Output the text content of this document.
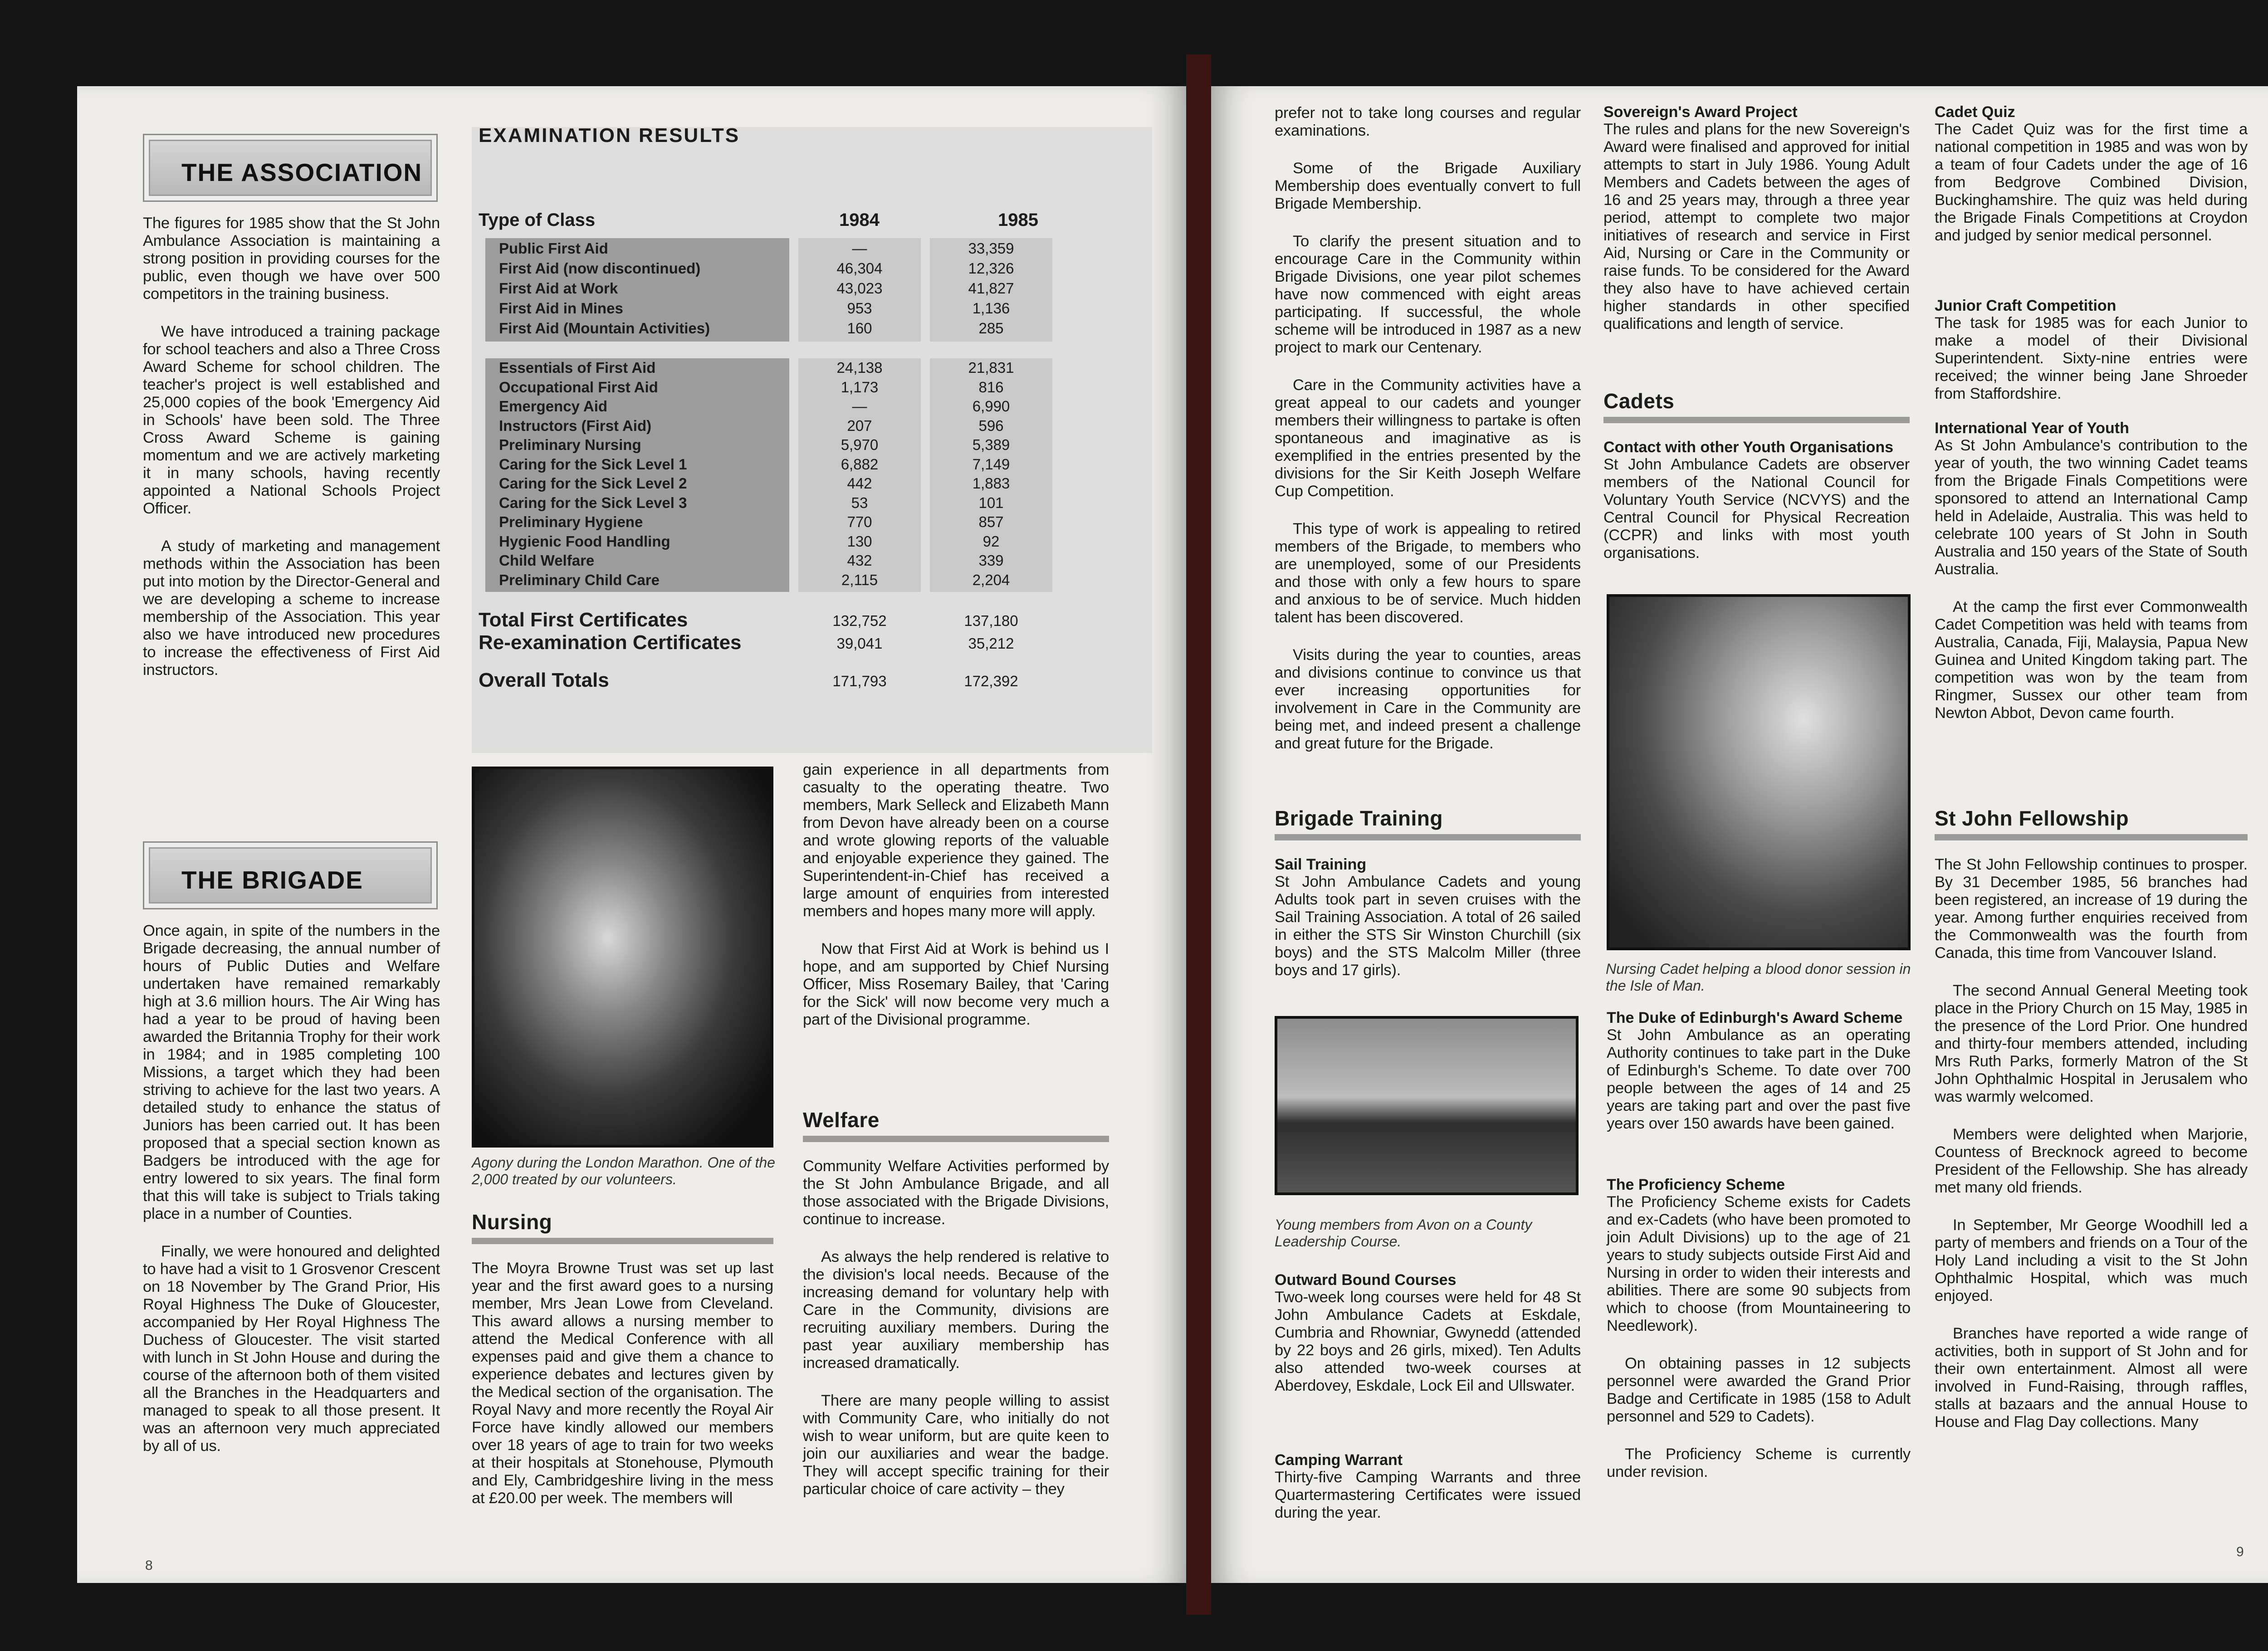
THE ASSOCIATION

The figures for 1985 show that the St John Ambulance Association is maintaining a strong position in providing courses for the public, even though we have over 500 competitors in the training business.

We have introduced a training package for school teachers and also a Three Cross Award Scheme for school children. The teacher's project is well established and 25,000 copies of the book 'Emergency Aid in Schools' have been sold. The Three Cross Award Scheme is gaining momentum and we are actively marketing it in many schools, having recently appointed a National Schools Project Officer.

A study of marketing and management methods within the Association has been put into motion by the Director-General and we are developing a scheme to increase membership of the Association. This year also we have introduced new procedures to increase the effectiveness of First Aid instructors.

EXAMINATION RESULTS
Type of Class	1984	1985
Public First Aid	—	33,359
First Aid (now discontinued)	46,304	12,326
First Aid at Work	43,023	41,827
First Aid in Mines	953	1,136
First Aid (Mountain Activities)	160	285
Essentials of First Aid	24,138	21,831
Occupational First Aid	1,173	816
Emergency Aid	—	6,990
Instructors (First Aid)	207	596
Preliminary Nursing	5,970	5,389
Caring for the Sick Level 1	6,882	7,149
Caring for the Sick Level 2	442	1,883
Caring for the Sick Level 3	53	101
Preliminary Hygiene	770	857
Hygienic Food Handling	130	92
Child Welfare	432	339
Preliminary Child Care	2,115	2,204
Total First Certificates	132,752	137,180
Re-examination Certificates	39,041	35,212
Overall Totals	171,793	172,392
THE BRIGADE

Once again, in spite of the numbers in the Brigade decreasing, the annual number of hours of Public Duties and Welfare undertaken have remained remarkably high at 3.6 million hours. The Air Wing has had a year to be proud of having been awarded the Britannia Trophy for their work in 1984; and in 1985 completing 100 Missions, a target which they had been striving to achieve for the last two years. A detailed study to enhance the status of Juniors has been carried out. It has been proposed that a special section known as Badgers be introduced with the age for entry lowered to six years. The final form that this will take is subject to Trials taking place in a number of Counties.

Finally, we were honoured and delighted to have had a visit to 1 Grosvenor Crescent on 18 November by The Grand Prior, His Royal Highness The Duke of Gloucester, accompanied by Her Royal Highness The Duchess of Gloucester. The visit started with lunch in St John House and during the course of the afternoon both of them visited all the Branches in the Headquarters and managed to speak to all those present. It was an afternoon very much appreciated by all of us.

Agony during the London Marathon. One of the 2,000 treated by our volunteers.
Nursing
The Moyra Browne Trust was set up last year and the first award goes to a nursing member, Mrs Jean Lowe from Cleveland. This award allows a nursing member to attend the Medical Conference with all expenses paid and give them a chance to experience debates and lectures given by the Medical section of the organisation. The Royal Navy and more recently the Royal Air Force have kindly allowed our members over 18 years of age to train for two weeks at their hospitals at Stonehouse, Plymouth and Ely, Cambridgeshire living in the mess at £20.00 per week. The members will

gain experience in all departments from casualty to the operating theatre. Two members, Mark Selleck and Elizabeth Mann from Devon have already been on a course and wrote glowing reports of the valuable and enjoyable experience they gained. The Superintendent-in-Chief has received a large amount of enquiries from interested members and hopes many more will apply.

Now that First Aid at Work is behind us I hope, and am supported by Chief Nursing Officer, Miss Rosemary Bailey, that 'Caring for the Sick' will now become very much a part of the Divisional programme.

Welfare

Community Welfare Activities performed by the St John Ambulance Brigade, and all those associated with the Brigade Divisions, continue to increase.

As always the help rendered is relative to the division's local needs. Because of the increasing demand for voluntary help with Care in the Community, divisions are recruiting auxiliary members. During the past year auxiliary membership has increased dramatically.

There are many people willing to assist with Community Care, who initially do not wish to wear uniform, but are quite keen to join our auxiliaries and wear the badge. They will accept specific training for their particular choice of care activity – they

8

prefer not to take long courses and regular examinations.

Some of the Brigade Auxiliary Membership does eventually convert to full Brigade Membership.

To clarify the present situation and to encourage Care in the Community within Brigade Divisions, one year pilot schemes have now commenced with eight areas participating. If successful, the whole scheme will be introduced in 1987 as a new project to mark our Centenary.

Care in the Community activities have a great appeal to our cadets and younger members their willingness to partake is often spontaneous and imaginative as is exemplified in the entries presented by the divisions for the Sir Keith Joseph Welfare Cup Competition.

This type of work is appealing to retired members of the Brigade, to members who are unemployed, some of our Presidents and those with only a few hours to spare and anxious to be of service. Much hidden talent has been discovered.

Visits during the year to counties, areas and divisions continue to convince us that ever increasing opportunities for involvement in Care in the Community are being met, and indeed present a challenge and great future for the Brigade.

Brigade Training
Sail Training
St John Ambulance Cadets and young Adults took part in seven cruises with the Sail Training Association. A total of 26 sailed in either the STS Sir Winston Churchill (six boys) and the STS Malcolm Miller (three boys and 17 girls).
Young members from Avon on a County Leadership Course.
Outward Bound Courses
Two-week long courses were held for 48 St John Ambulance Cadets at Eskdale, Cumbria and Rhowniar, Gwynedd (attended by 22 boys and 26 girls, mixed). Ten Adults also attended two-week courses at Aberdovey, Eskdale, Lock Eil and Ullswater.
Camping Warrant
Thirty-five Camping Warrants and three Quartermastering Certificates were issued during the year.
Sovereign's Award Project
The rules and plans for the new Sovereign's Award were finalised and approved for initial attempts to start in July 1986. Young Adult Members and Cadets between the ages of 16 and 25 years may, through a three year period, attempt to complete two major initiatives of research and service in First Aid, Nursing or Care in the Community or raise funds. To be considered for the Award they also have to have achieved certain higher standards in other specified qualifications and length of service.
Cadets
Contact with other Youth Organisations
St John Ambulance Cadets are observer members of the National Council for Voluntary Youth Service (NCVYS) and the Central Council for Physical Recreation (CCPR) and links with most youth organisations.
Nursing Cadet helping a blood donor session in the Isle of Man.
The Duke of Edinburgh's Award Scheme
St John Ambulance as an operating Authority continues to take part in the Duke of Edinburgh's Scheme. To date over 700 people between the ages of 14 and 25 years are taking part and over the past five years over 150 awards have been gained.
The Proficiency Scheme

The Proficiency Scheme exists for Cadets and ex-Cadets (who have been promoted to join Adult Divisions) up to the age of 21 years to study subjects outside First Aid and Nursing in order to widen their interests and abilities. There are some 90 subjects from which to choose (from Mountaineering to Needlework).

On obtaining passes in 12 subjects personnel were awarded the Grand Prior Badge and Certificate in 1985 (158 to Adult personnel and 529 to Cadets).

The Proficiency Scheme is currently under revision.

Cadet Quiz
The Cadet Quiz was for the first time a national competition in 1985 and was won by a team of four Cadets under the age of 16 from Bedgrove Combined Division, Buckinghamshire. The quiz was held during the Brigade Finals Competitions at Croydon and judged by senior medical personnel.
Junior Craft Competition
The task for 1985 was for each Junior to make a model of their Divisional Superintendent. Sixty-nine entries were received; the winner being Jane Shroeder from Staffordshire.
International Year of Youth

As St John Ambulance's contribution to the year of youth, the two winning Cadet teams from the Brigade Finals Competitions were sponsored to attend an International Camp held in Adelaide, Australia. This was held to celebrate 100 years of St John in South Australia and 150 years of the State of South Australia.

At the camp the first ever Commonwealth Cadet Competition was held with teams from Australia, Canada, Fiji, Malaysia, Papua New Guinea and United Kingdom taking part. The competition was won by the team from Ringmer, Sussex our other team from Newton Abbot, Devon came fourth.

St John Fellowship

The St John Fellowship continues to prosper. By 31 December 1985, 56 branches had been registered, an increase of 19 during the year. Among further enquiries received from the Commonwealth was the fourth from Canada, this time from Vancouver Island.

The second Annual General Meeting took place in the Priory Church on 15 May, 1985 in the presence of the Lord Prior. One hundred and thirty-four members attended, including Mrs Ruth Parks, formerly Matron of the St John Ophthalmic Hospital in Jerusalem who was warmly welcomed.

Members were delighted when Marjorie, Countess of Brecknock agreed to become President of the Fellowship. She has already met many old friends.

In September, Mr George Woodhill led a party of members and friends on a Tour of the Holy Land including a visit to the St John Ophthalmic Hospital, which was much enjoyed.

Branches have reported a wide range of activities, both in support of St John and for their own entertainment. Almost all were involved in Fund-Raising, through raffles, stalls at bazaars and the annual House to House and Flag Day collections. Many

9
